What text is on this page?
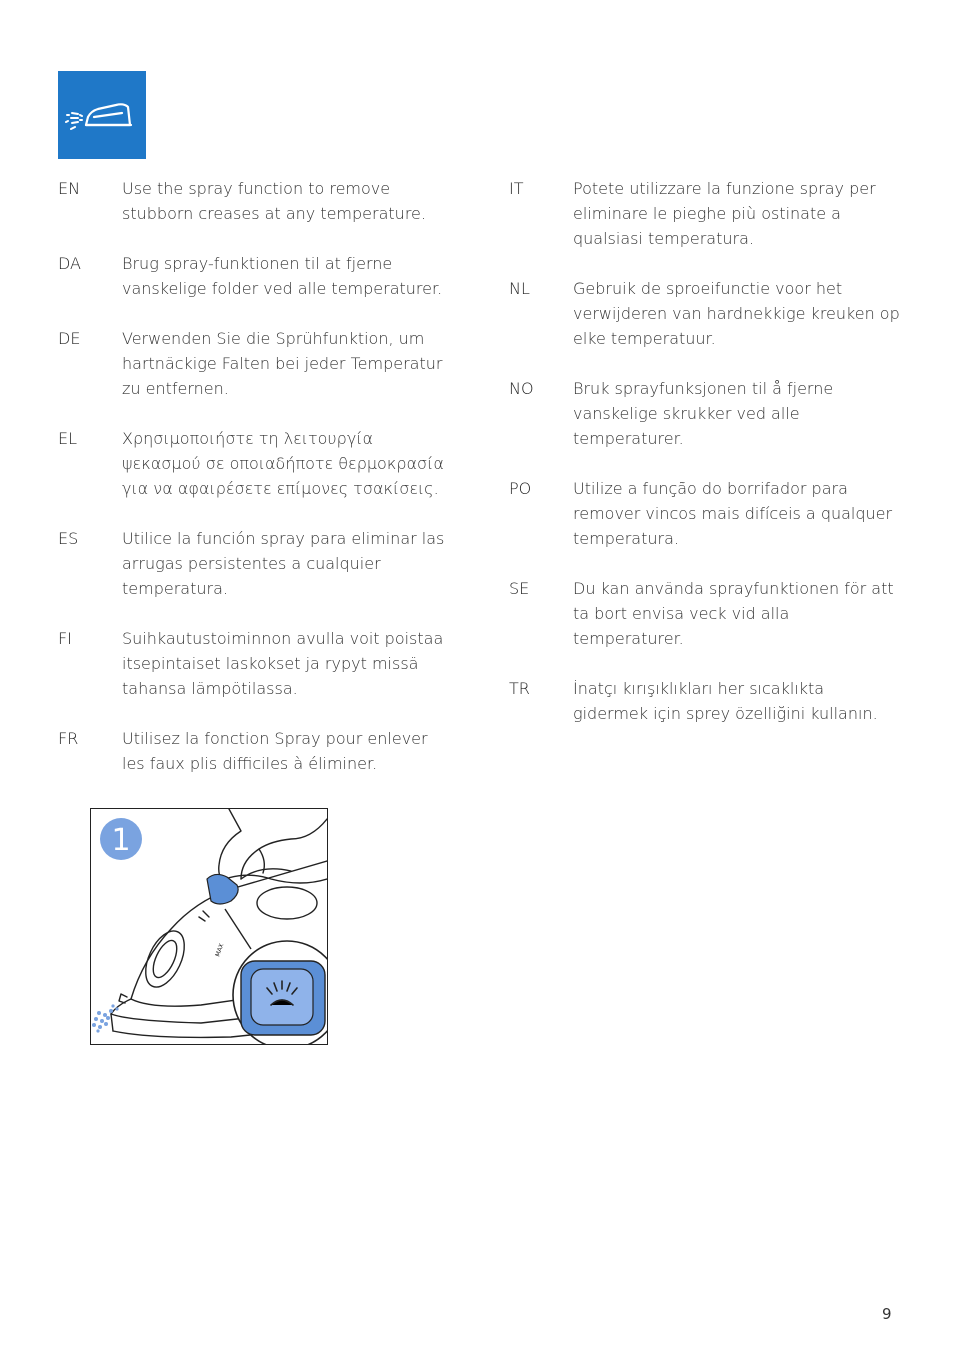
EN	Use the spray function to remove stubborn creases at any temperature.
DA	Brug spray-funktionen til at fjerne vanskelige folder ved alle temperaturer.
DE	Verwenden Sie die Sprühfunktion, um hartnäckige Falten bei jeder Temperatur zu entfernen.
EL	Χρησιμοποιήστε τη λειτουργία ψεκασμού σε οποιαδήποτε θερμοκρασία για να αφαιρέσετε επίμονες τσακίσεις.
ES	Utilice la función spray para eliminar las arrugas persistentes a cualquier temperatura.
FI	Suihkautustoiminnon avulla voit poistaa itsepintaiset laskokset ja rypyt missä tahansa lämpötilassa.
FR	Utilisez la fonction Spray pour enlever les faux plis difficiles à éliminer.
IT	Potete utilizzare la funzione spray per eliminare le pieghe più ostinate a qualsiasi temperatura.
NL	Gebruik de sproeifunctie voor het verwijderen van hardnekkige kreuken op elke temperatuur.
NO	Bruk sprayfunksjonen til å fjerne vanskelige skrukker ved alle temperaturer.
PO	Utilize a função do borrifador para remover vincos mais difíceis a qualquer temperatura.
SE	Du kan använda sprayfunktionen för att ta bort envisa veck vid alla temperaturer.
TR	İnatçı kırışıklıkları her sıcaklıkta gidermek için sprey özelliğini kullanın.
1
MAX
9
